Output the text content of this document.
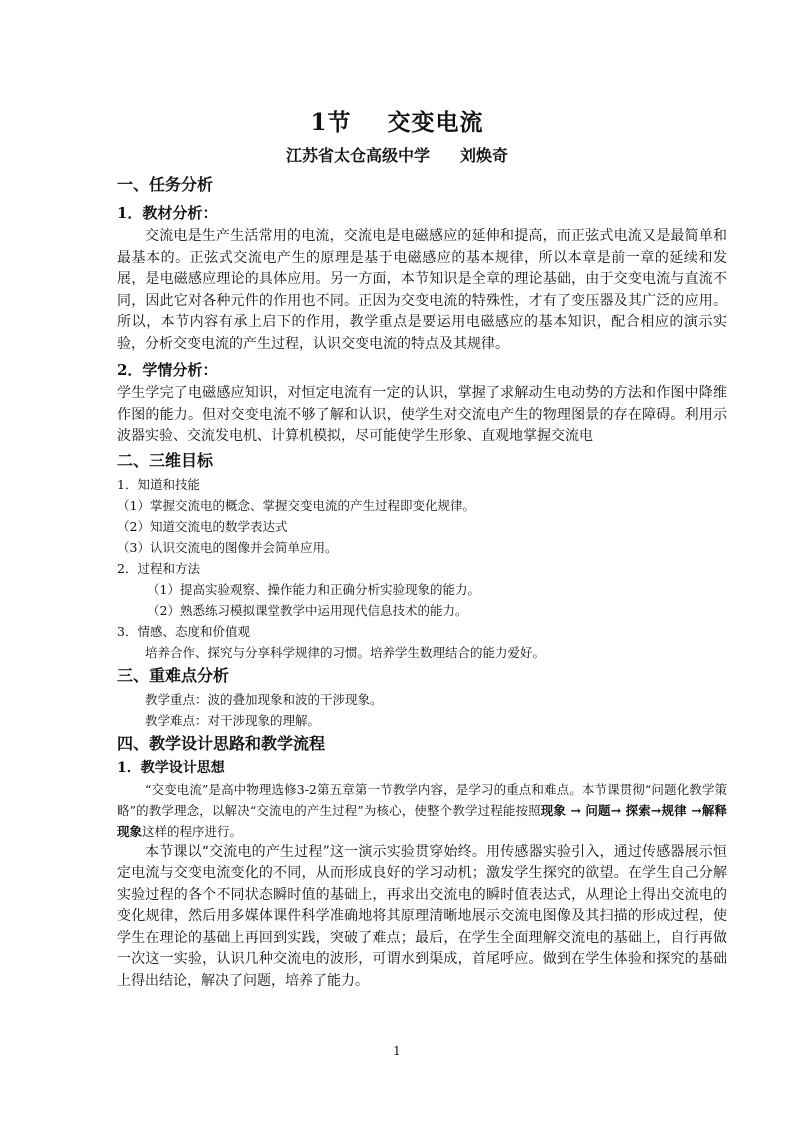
1节 交变电流
江苏省太仓高级中学 刘焕奇
一、任务分析
1．教材分析：

交流电是生产生活常用的电流，交流电是电磁感应的延伸和提高，而正弦式电流又是最简单和最基本的。正弦式交流电产生的原理是基于电磁感应的基本规律，所以本章是前一章的延续和发展，是电磁感应理论的具体应用。另一方面，本节知识是全章的理论基础，由于交变电流与直流不同，因此它对各种元件的作用也不同。正因为交变电流的特殊性，才有了变压器及其广泛的应用。所以，本节内容有承上启下的作用，教学重点是要运用电磁感应的基本知识，配合相应的演示实验，分析交变电流的产生过程，认识交变电流的特点及其规律。

2．学情分析：

学生学完了电磁感应知识，对恒定电流有一定的认识，掌握了求解动生电动势的方法和作图中降维作图的能力。但对交变电流不够了解和认识，使学生对交流电产生的物理图景的存在障碍。利用示波器实验、交流发电机、计算机模拟，尽可能使学生形象、直观地掌握交流电

二、三维目标

1．知道和技能

（1）掌握交流电的概念、掌握交变电流的产生过程即变化规律。

（2）知道交流电的数学表达式

（3）认识交流电的图像并会简单应用。

2．过程和方法

（1）提高实验观察、操作能力和正确分析实验现象的能力。

（2）熟悉练习模拟课堂教学中运用现代信息技术的能力。

3．情感、态度和价值观

培养合作、探究与分享科学规律的习惯。培养学生数理结合的能力爱好。

三、重难点分析

教学重点：波的叠加现象和波的干涉现象。

教学难点：对干涉现象的理解。

四、教学设计思路和教学流程
1．教学设计思想

“交变电流”是高中物理选修3-2第五章第一节教学内容，是学习的重点和难点。本节课贯彻“问题化教学策略”的教学理念，以解决“交流电的产生过程”为核心，使整个教学过程能按照现象 → 问题→ 探索→规律 →解释现象这样的程序进行。

本节课以“交流电的产生过程”这一演示实验贯穿始终。用传感器实验引入，通过传感器展示恒定电流与交变电流变化的不同，从而形成良好的学习动机；激发学生探究的欲望。在学生自己分解实验过程的各个不同状态瞬时值的基础上，再求出交流电的瞬时值表达式，从理论上得出交流电的变化规律，然后用多媒体课件科学准确地将其原理清晰地展示交流电图像及其扫描的形成过程，使学生在理论的基础上再回到实践，突破了难点；最后，在学生全面理解交流电的基础上，自行再做一次这一实验，认识几种交流电的波形，可谓水到渠成，首尾呼应。做到在学生体验和探究的基础上得出结论，解决了问题，培养了能力。

1
